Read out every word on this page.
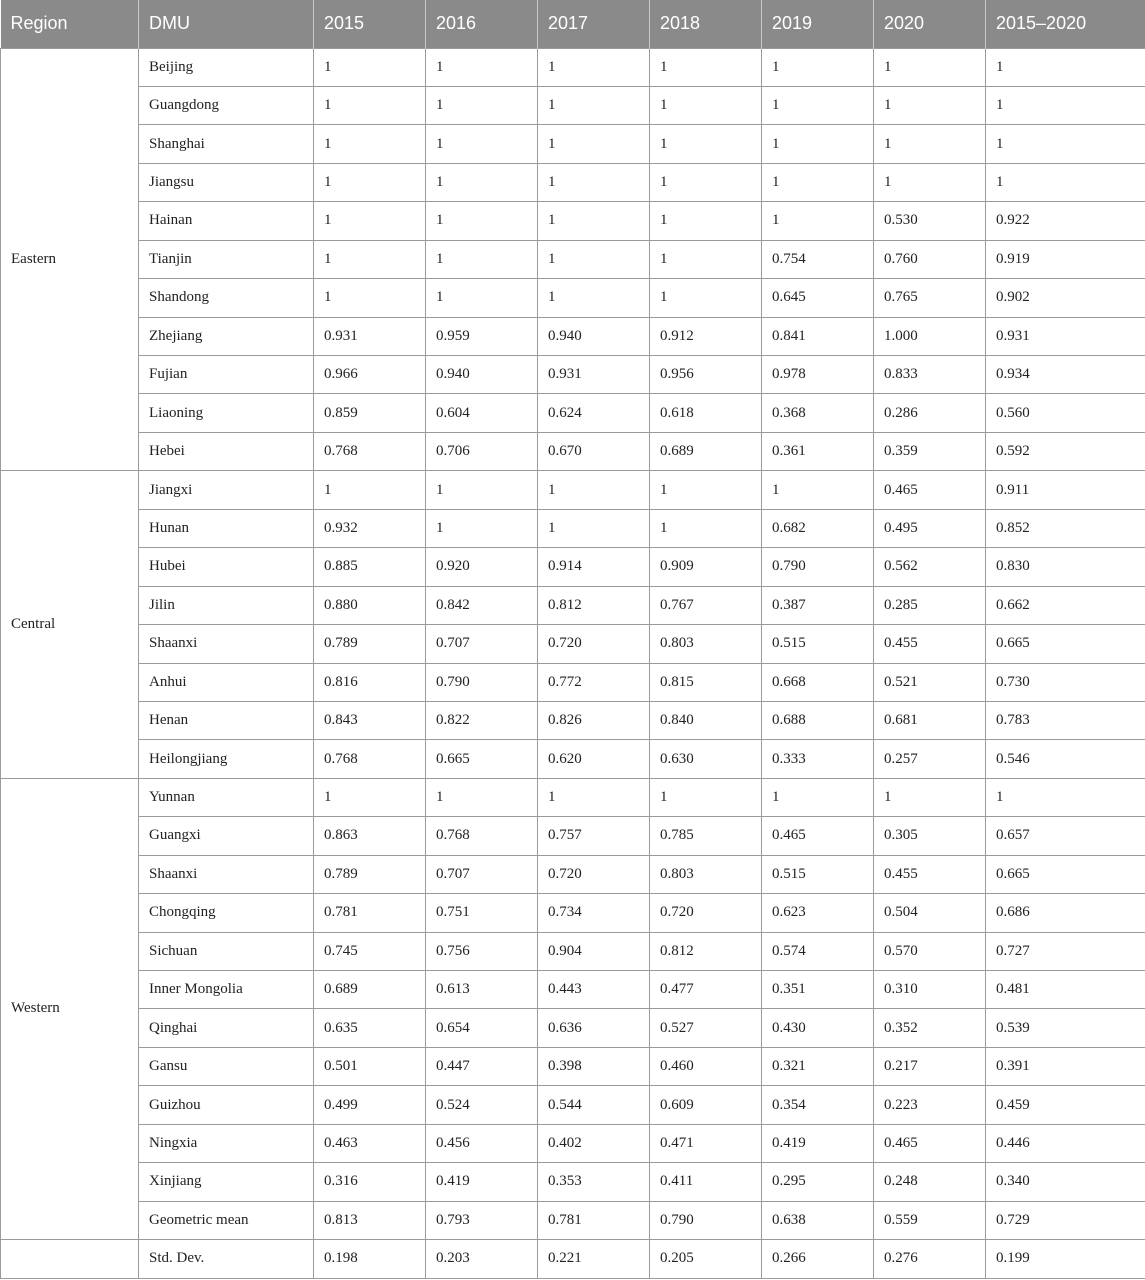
Region	DMU	2015	2016	2017	2018	2019	2020	2015–2020
Eastern	Beijing	1	1	1	1	1	1	1
	Guangdong	1	1	1	1	1	1	1
	Shanghai	1	1	1	1	1	1	1
	Jiangsu	1	1	1	1	1	1	1
	Hainan	1	1	1	1	1	0.530	0.922
	Tianjin	1	1	1	1	0.754	0.760	0.919
	Shandong	1	1	1	1	0.645	0.765	0.902
	Zhejiang	0.931	0.959	0.940	0.912	0.841	1.000	0.931
	Fujian	0.966	0.940	0.931	0.956	0.978	0.833	0.934
	Liaoning	0.859	0.604	0.624	0.618	0.368	0.286	0.560
	Hebei	0.768	0.706	0.670	0.689	0.361	0.359	0.592
Central	Jiangxi	1	1	1	1	1	0.465	0.911
	Hunan	0.932	1	1	1	0.682	0.495	0.852
	Hubei	0.885	0.920	0.914	0.909	0.790	0.562	0.830
	Jilin	0.880	0.842	0.812	0.767	0.387	0.285	0.662
	Shaanxi	0.789	0.707	0.720	0.803	0.515	0.455	0.665
	Anhui	0.816	0.790	0.772	0.815	0.668	0.521	0.730
	Henan	0.843	0.822	0.826	0.840	0.688	0.681	0.783
	Heilongjiang	0.768	0.665	0.620	0.630	0.333	0.257	0.546
Western	Yunnan	1	1	1	1	1	1	1
	Guangxi	0.863	0.768	0.757	0.785	0.465	0.305	0.657
	Shaanxi	0.789	0.707	0.720	0.803	0.515	0.455	0.665
	Chongqing	0.781	0.751	0.734	0.720	0.623	0.504	0.686
	Sichuan	0.745	0.756	0.904	0.812	0.574	0.570	0.727
	Inner Mongolia	0.689	0.613	0.443	0.477	0.351	0.310	0.481
	Qinghai	0.635	0.654	0.636	0.527	0.430	0.352	0.539
	Gansu	0.501	0.447	0.398	0.460	0.321	0.217	0.391
	Guizhou	0.499	0.524	0.544	0.609	0.354	0.223	0.459
	Ningxia	0.463	0.456	0.402	0.471	0.419	0.465	0.446
	Xinjiang	0.316	0.419	0.353	0.411	0.295	0.248	0.340
	Geometric mean	0.813	0.793	0.781	0.790	0.638	0.559	0.729
	Std. Dev.	0.198	0.203	0.221	0.205	0.266	0.276	0.199
